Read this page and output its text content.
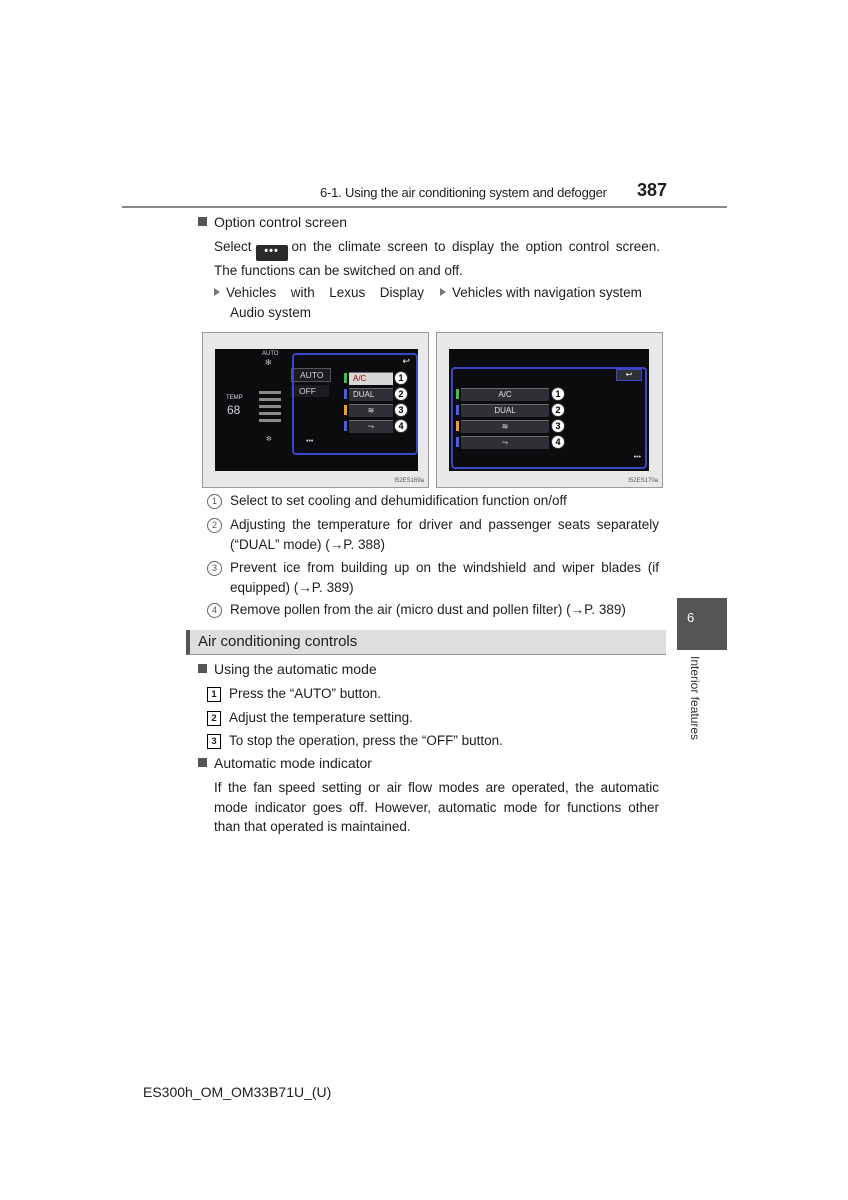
6-1. Using the air conditioning system and defogger 387
Option control screen
Select ••• on the climate screen to display the option control screen. The functions can be switched on and off.
Vehicles with Lexus Display
Audio system
Vehicles with navigation system
AUTO
✻
TEMP
68
✻
AUTO
OFF
↩
A/C
DUAL
≋
⤳
•••
1
2
3
4
I52ES169a
↩
A/C
DUAL
≋
⤳
1
2
3
4
•••
I52ES170a
1 Select to set cooling and dehumidification function on/off
2 Adjusting the temperature for driver and passenger seats separately (“DUAL” mode) (→P. 388)
3 Prevent ice from building up on the windshield and wiper blades (if equipped) (→P. 389)
4 Remove pollen from the air (micro dust and pollen filter) (→P. 389)
Air conditioning controls
Using the automatic mode
1 Press the “AUTO” button.
2 Adjust the temperature setting.
3 To stop the operation, press the “OFF” button.
Automatic mode indicator
If the fan speed setting or air flow modes are operated, the automatic mode indicator goes off. However, automatic mode for functions other than that operated is maintained.
6
Interior features
ES300h_OM_OM33B71U_(U)
